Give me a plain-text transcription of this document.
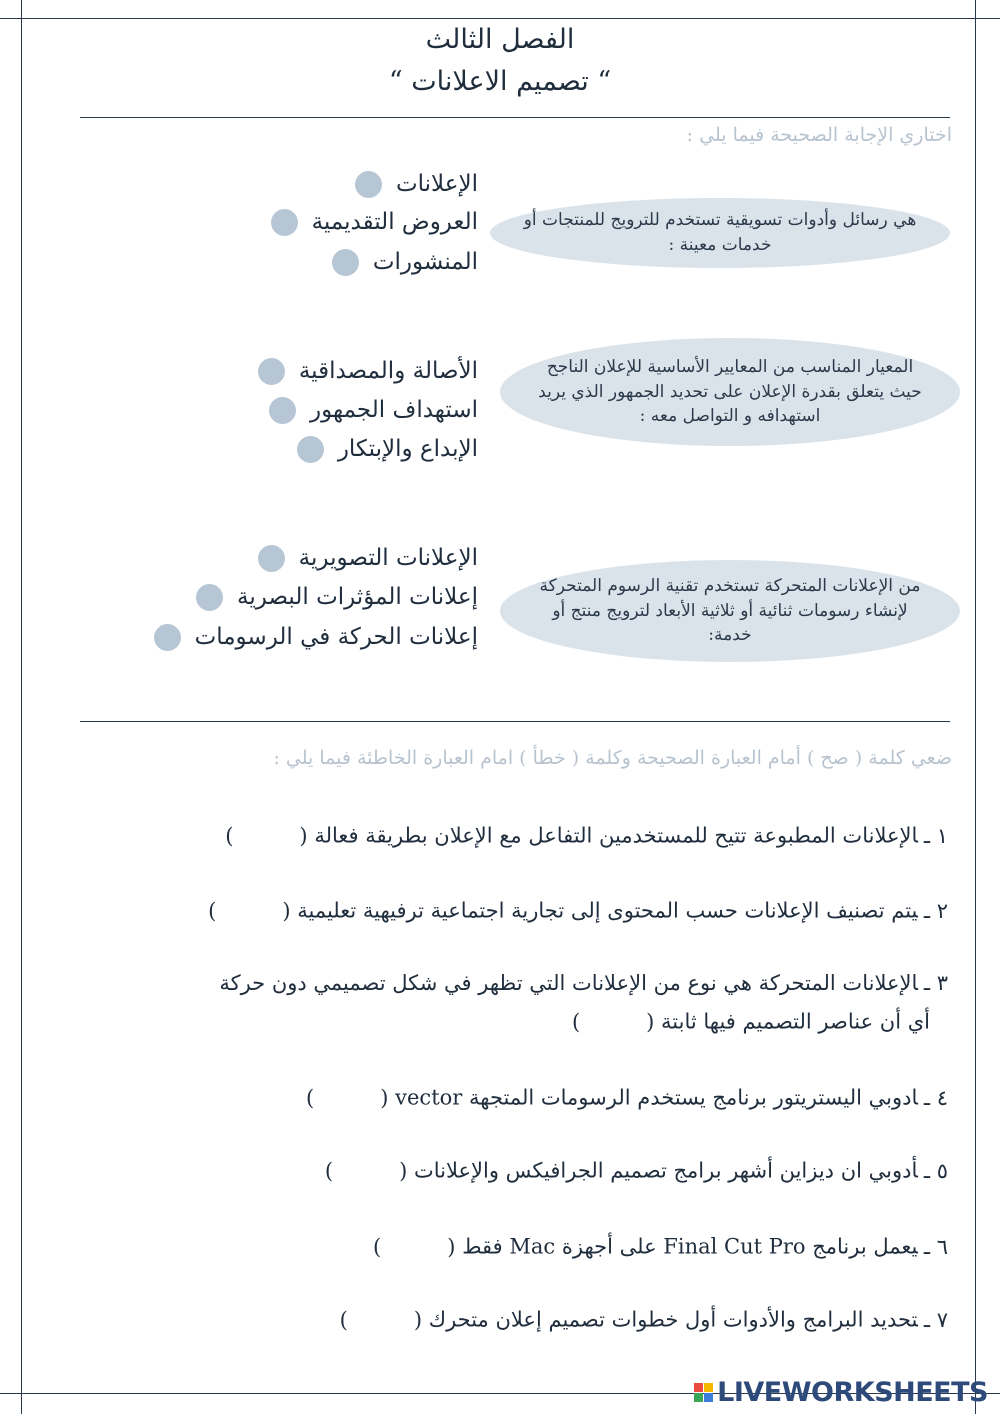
الفصل الثالث
“ تصميم الاعلانات “
اختاري الإجابة الصحيحة فيما يلي :
هي رسائل وأدوات تسويقية تستخدم للترويج للمنتجات أو خدمات معينة :
الإعلانات
العروض التقديمية
المنشورات
المعيار المناسب من المعايير الأساسية للإعلان الناجح حيث يتعلق بقدرة الإعلان على تحديد الجمهور الذي يريد استهدافه و التواصل معه :
الأصالة والمصداقية
استهداف الجمهور
الإبداع والإبتكار
من الإعلانات المتحركة تستخدم تقنية الرسوم المتحركة لإنشاء رسومات ثنائية أو ثلاثية الأبعاد لترويج منتج أو خدمة:
الإعلانات التصويرية
إعلانات المؤثرات البصرية
إعلانات الحركة في الرسومات
ضعي كلمة ( صح ) أمام العبارة الصحيحة وكلمة ( خطأ ) امام العبارة الخاطئة فيما يلي :
١ ـالإعلانات المطبوعة تتيح للمستخدمين التفاعل مع الإعلان بطريقة فعالة ()
٢ ـيتم تصنيف الإعلانات حسب المحتوى إلى تجارية اجتماعية ترفيهية تعليمية ()
٣ ـالإعلانات المتحركة هي نوع من الإعلانات التي تظهر في شكل تصميمي دون حركة
أي أن عناصر التصميم فيها ثابتة ()
٤ ـادوبي اليستريتور برنامج يستخدم الرسومات المتجهة vector ()
٥ ـأدوبي ان ديزاين أشهر برامج تصميم الجرافيكس والإعلانات ()
٦ ـيعمل برنامج Final Cut Pro على أجهزة Mac فقط ()
٧ ـتحديد البرامج والأدوات أول خطوات تصميم إعلان متحرك ()
LIVEWORKSHEETS
